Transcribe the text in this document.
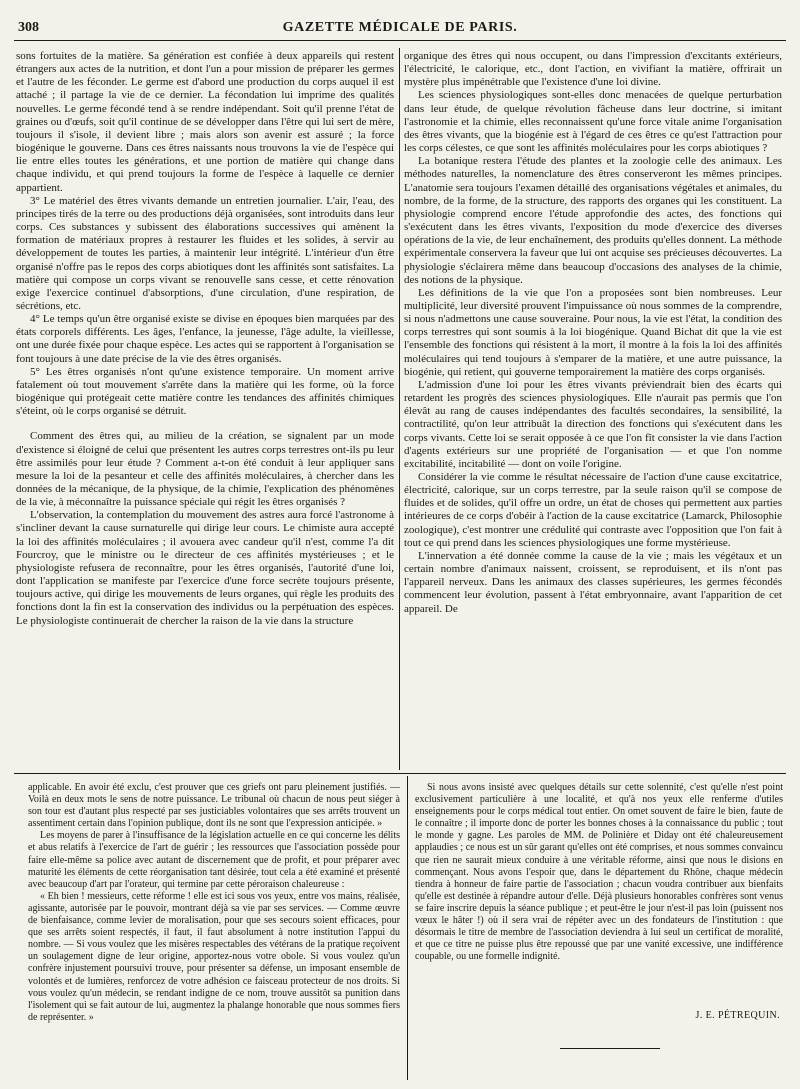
308	GAZETTE MÉDICALE DE PARIS.

sons fortuites de la matière. Sa génération est confiée à deux appareils qui restent étrangers aux actes de la nutrition, et dont l'un a pour mission de préparer les germes et l'autre de les féconder. Le germe est d'abord une production du corps auquel il est attaché ; il partage la vie de ce dernier. La fécondation lui imprime des qualités nouvelles. Le germe fécondé tend à se rendre indépendant. Soit qu'il prenne l'état de graines ou d'œufs, soit qu'il continue de se développer dans l'être qui lui sert de mère, toujours il s'isole, il devient libre ; mais alors son avenir est assuré ; la force biogénique le gouverne. Dans ces êtres naissants nous trouvons la vie de l'espèce qui lie entre elles toutes les générations, et une portion de matière qui change dans chaque individu, et qui prend toujours la forme de l'espèce à laquelle ce dernier appartient.

3° Le matériel des êtres vivants demande un entretien journalier. L'air, l'eau, des principes tirés de la terre ou des productions déjà organisées, sont introduits dans leur corps. Ces substances y subissent des élaborations successives qui amènent la formation de matériaux propres à restaurer les fluides et les solides, à servir au développement de toutes les parties, à maintenir leur intégrité. L'intérieur d'un être organisé n'offre pas le repos des corps abiotiques dont les affinités sont satisfaites. La matière qui compose un corps vivant se renouvelle sans cesse, et cette rénovation exige l'exercice continuel d'absorptions, d'une circulation, d'une respiration, de sécrétions, etc.

4° Le temps qu'un être organisé existe se divise en époques bien marquées par des états corporels différents. Les âges, l'enfance, la jeunesse, l'âge adulte, la vieillesse, ont une durée fixée pour chaque espèce. Les actes qui se rapportent à l'organisation se font toujours à une date précise de la vie des êtres organisés.

5° Les êtres organisés n'ont qu'une existence temporaire. Un moment arrive fatalement où tout mouvement s'arrête dans la matière qui les forme, où la force biogénique qui protégeait cette matière contre les tendances des affinités chimiques s'éteint, où le corps organisé se détruit.

Comment des êtres qui, au milieu de la création, se signalent par un mode d'existence si éloigné de celui que présentent les autres corps terrestres ont-ils pu leur être assimilés pour leur étude ? Comment a-t-on été conduit à leur appliquer sans mesure la loi de la pesanteur et celle des affinités moléculaires, à chercher dans les données de la mécanique, de la physique, de la chimie, l'explication des phénomènes de la vie, à méconnaître la puissance spéciale qui régit les êtres organisés ?

L'observation, la contemplation du mouvement des astres aura forcé l'astronome à s'incliner devant la cause surnaturelle qui dirige leur cours. Le chimiste aura accepté la loi des affinités moléculaires ; il avouera avec candeur qu'il n'est, comme l'a dit Fourcroy, que le ministre ou le directeur de ces affinités mystérieuses ; et le physiologiste refusera de reconnaître, pour les êtres organisés, l'autorité d'une loi, dont l'application se manifeste par l'exercice d'une force secrète toujours présente, toujours active, qui dirige les mouvements de leurs organes, qui règle les produits des fonctions dont la fin est la conservation des individus ou la perpétuation des espèces. Le physiologiste continuerait de chercher la raison de la vie dans la structure

organique des êtres qui nous occupent, ou dans l'impression d'excitants extérieurs, l'électricité, le calorique, etc., dont l'action, en vivifiant la matière, offrirait un mystère plus impénétrable que l'existence d'une loi divine.

Les sciences physiologiques sont-elles donc menacées de quelque perturbation dans leur étude, de quelque révolution fâcheuse dans leur doctrine, si imitant l'astronomie et la chimie, elles reconnaissent qu'une force vitale anime l'organisation des êtres vivants, que la biogénie est à l'égard de ces êtres ce qu'est l'attraction pour les corps célestes, ce que sont les affinités moléculaires pour les corps abiotiques ?

La botanique restera l'étude des plantes et la zoologie celle des animaux. Les méthodes naturelles, la nomenclature des êtres conserveront les mêmes principes. L'anatomie sera toujours l'examen détaillé des organisations végétales et animales, du nombre, de la forme, de la structure, des rapports des organes qui les constituent. La physiologie comprend encore l'étude approfondie des actes, des fonctions qui s'exécutent dans les êtres vivants, l'exposition du mode d'exercice des diverses opérations de la vie, de leur enchaînement, des produits qu'elles donnent. La méthode expérimentale conservera la faveur que lui ont acquise ses précieuses découvertes. La physiologie s'éclairera même dans beaucoup d'occasions des analyses de la chimie, des notions de la physique.

Les définitions de la vie que l'on a proposées sont bien nombreuses. Leur multiplicité, leur diversité prouvent l'impuissance où nous sommes de la comprendre, si nous n'admettons une cause souveraine. Pour nous, la vie est l'état, la condition des corps terrestres qui sont soumis à la loi biogénique. Quand Bichat dit que la vie est l'ensemble des fonctions qui résistent à la mort, il montre à la fois la loi des affinités moléculaires qui tend toujours à s'emparer de la matière, et une autre puissance, la biogénie, qui retient, qui gouverne temporairement la matière des corps organisés.

L'admission d'une loi pour les êtres vivants préviendrait bien des écarts qui retardent les progrès des sciences physiologiques. Elle n'aurait pas permis que l'on élevât au rang de causes indépendantes des facultés secondaires, la sensibilité, la contractilité, qu'on leur attribuât la direction des fonctions qui s'exécutent dans les corps vivants. Cette loi se serait opposée à ce que l'on fît consister la vie dans l'action d'agents extérieurs sur une propriété de l'organisation — et que l'on nomme excitabilité, incitabilité — dont on voile l'origine.

Considérer la vie comme le résultat nécessaire de l'action d'une cause excitatrice, électricité, calorique, sur un corps terrestre, par la seule raison qu'il se compose de fluides et de solides, qu'il offre un ordre, un état de choses qui permettent aux parties intérieures de ce corps d'obéir à l'action de la cause excitatrice (Lamarck, Philosophie zoologique), c'est montrer une crédulité qui contraste avec l'opposition que l'on fait à tout ce qui prend dans les sciences physiologiques une forme mystérieuse.

L'innervation a été donnée comme la cause de la vie ; mais les végétaux et un certain nombre d'animaux naissent, croissent, se reproduisent, et ils n'ont pas l'appareil nerveux. Dans les animaux des classes supérieures, les germes fécondés commencent leur évolution, passent à l'état embryonnaire, avant l'apparition de cet appareil. De

applicable. En avoir été exclu, c'est prouver que ces griefs ont paru pleinement justifiés. — Voilà en deux mots le sens de notre puissance. Le tribunal où chacun de nous peut siéger à son tour est d'autant plus respecté par ses justiciables volontaires que ses arrêts trouvent un assentiment certain dans l'opinion publique, dont ils ne sont que l'expression anticipée. »

Les moyens de parer à l'insuffisance de la législation actuelle en ce qui concerne les délits et abus relatifs à l'exercice de l'art de guérir ; les ressources que l'association possède pour faire elle-même sa police avec autant de discernement que de profit, et pour préparer avec maturité les éléments de cette réorganisation tant désirée, tout cela a été examiné et présenté avec beaucoup d'art par l'orateur, qui termine par cette péroraison chaleureuse :

« Eh bien ! messieurs, cette réforme ! elle est ici sous vos yeux, entre vos mains, réalisée, agissante, autorisée par le pouvoir, montrant déjà sa vie par ses services. — Comme œuvre de bienfaisance, comme levier de moralisation, pour que ses secours soient efficaces, pour que ses arrêts soient respectés, il faut, il faut absolument à notre institution l'appui du nombre. — Si vous voulez que les misères respectables des vétérans de la pratique reçoivent un soulagement digne de leur origine, apportez-nous votre obole. Si vous voulez qu'un confrère injustement poursuivi trouve, pour présenter sa défense, un imposant ensemble de volontés et de lumières, renforcez de votre adhésion ce faisceau protecteur de nos droits. Si vous voulez qu'un médecin, se rendant indigne de ce nom, trouve aussitôt sa punition dans l'isolement qui se fait autour de lui, augmentez la phalange honorable que nous sommes fiers de représenter. »

Si nous avons insisté avec quelques détails sur cette solennité, c'est qu'elle n'est point exclusivement particulière à une localité, et qu'à nos yeux elle renferme d'utiles enseignements pour le corps médical tout entier. On omet souvent de faire le bien, faute de le connaître ; il importe donc de porter les bonnes choses à la connaissance du public ; tout le monde y gagne. Les paroles de MM. de Polinière et Diday ont été chaleureusement applaudies ; ce nous est un sûr garant qu'elles ont été comprises, et nous sommes convaincu que rien ne saurait mieux conduire à une véritable réforme, ainsi que nous le disions en commençant. Nous avons l'espoir que, dans le département du Rhône, chaque médecin tiendra à honneur de faire partie de l'association ; chacun voudra contribuer aux bienfaits qu'elle est destinée à répandre autour d'elle. Déjà plusieurs honorables confrères sont venus se faire inscrire depuis la séance publique ; et peut-être le jour n'est-il pas loin (puissent nos vœux le hâter !) où il sera vrai de répéter avec un des fondateurs de l'institution : que désormais le titre de membre de l'association deviendra à lui seul un certificat de moralité, et que ce titre ne puisse plus être repoussé que par une vanité excessive, une indifférence coupable, ou une formelle indignité.

J. E. PÉTREQUIN.
